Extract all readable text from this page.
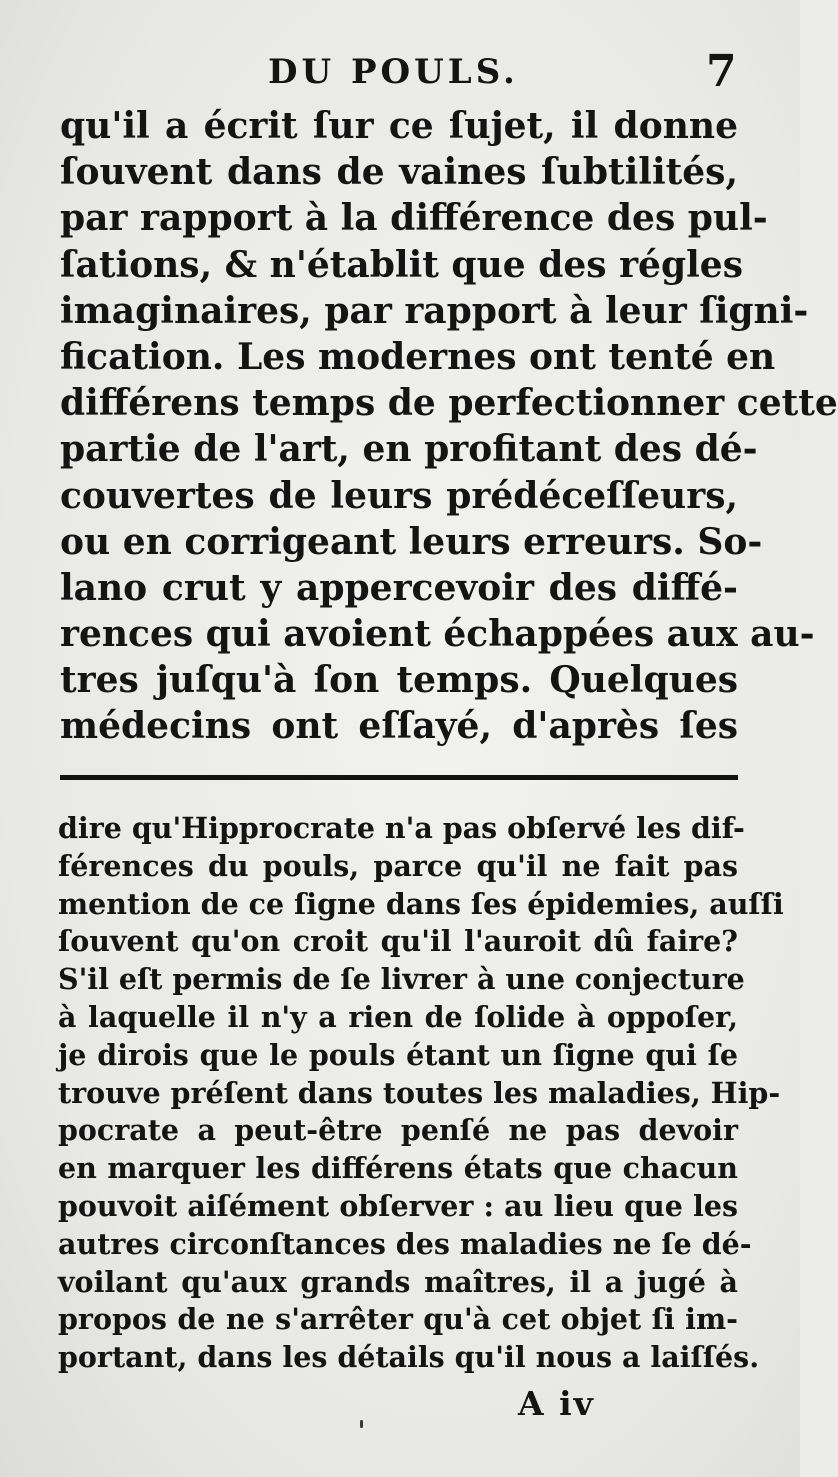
DU POULS.	7
qu'il a écrit ſur ce ſujet, il donne
ſouvent dans de vaines ſubtilités,
par rapport à la différence des pul-
ſations, & n'établit que des régles
imaginaires, par rapport à leur ſigni-
fication. Les modernes ont tenté en
différens temps de perfectionner cette
partie de l'art, en profitant des dé-
couvertes de leurs prédéceſſeurs,
ou en corrigeant leurs erreurs. So-
lano crut y appercevoir des diffé-
rences qui avoient échappées aux au-
tres juſqu'à ſon temps. Quelques
médecins ont eſſayé, d'après ſes
dire qu'Hipprocrate n'a pas obſervé les dif-
férences du pouls, parce qu'il ne fait pas
mention de ce ſigne dans ſes épidemies, auſſi
ſouvent qu'on croit qu'il l'auroit dû faire?
S'il eſt permis de ſe livrer à une conjecture
à laquelle il n'y a rien de ſolide à oppoſer,
je dirois que le pouls étant un ſigne qui ſe
trouve préſent dans toutes les maladies, Hip-
pocrate a peut-être penſé ne pas devoir
en marquer les différens états que chacun
pouvoit aiſément obſerver : au lieu que les
autres circonſtances des maladies ne ſe dé-
voilant qu'aux grands maîtres, il a jugé à
propos de ne s'arrêter qu'à cet objet ſi im-
portant, dans les détails qu'il nous a laiſſés.
A iv
